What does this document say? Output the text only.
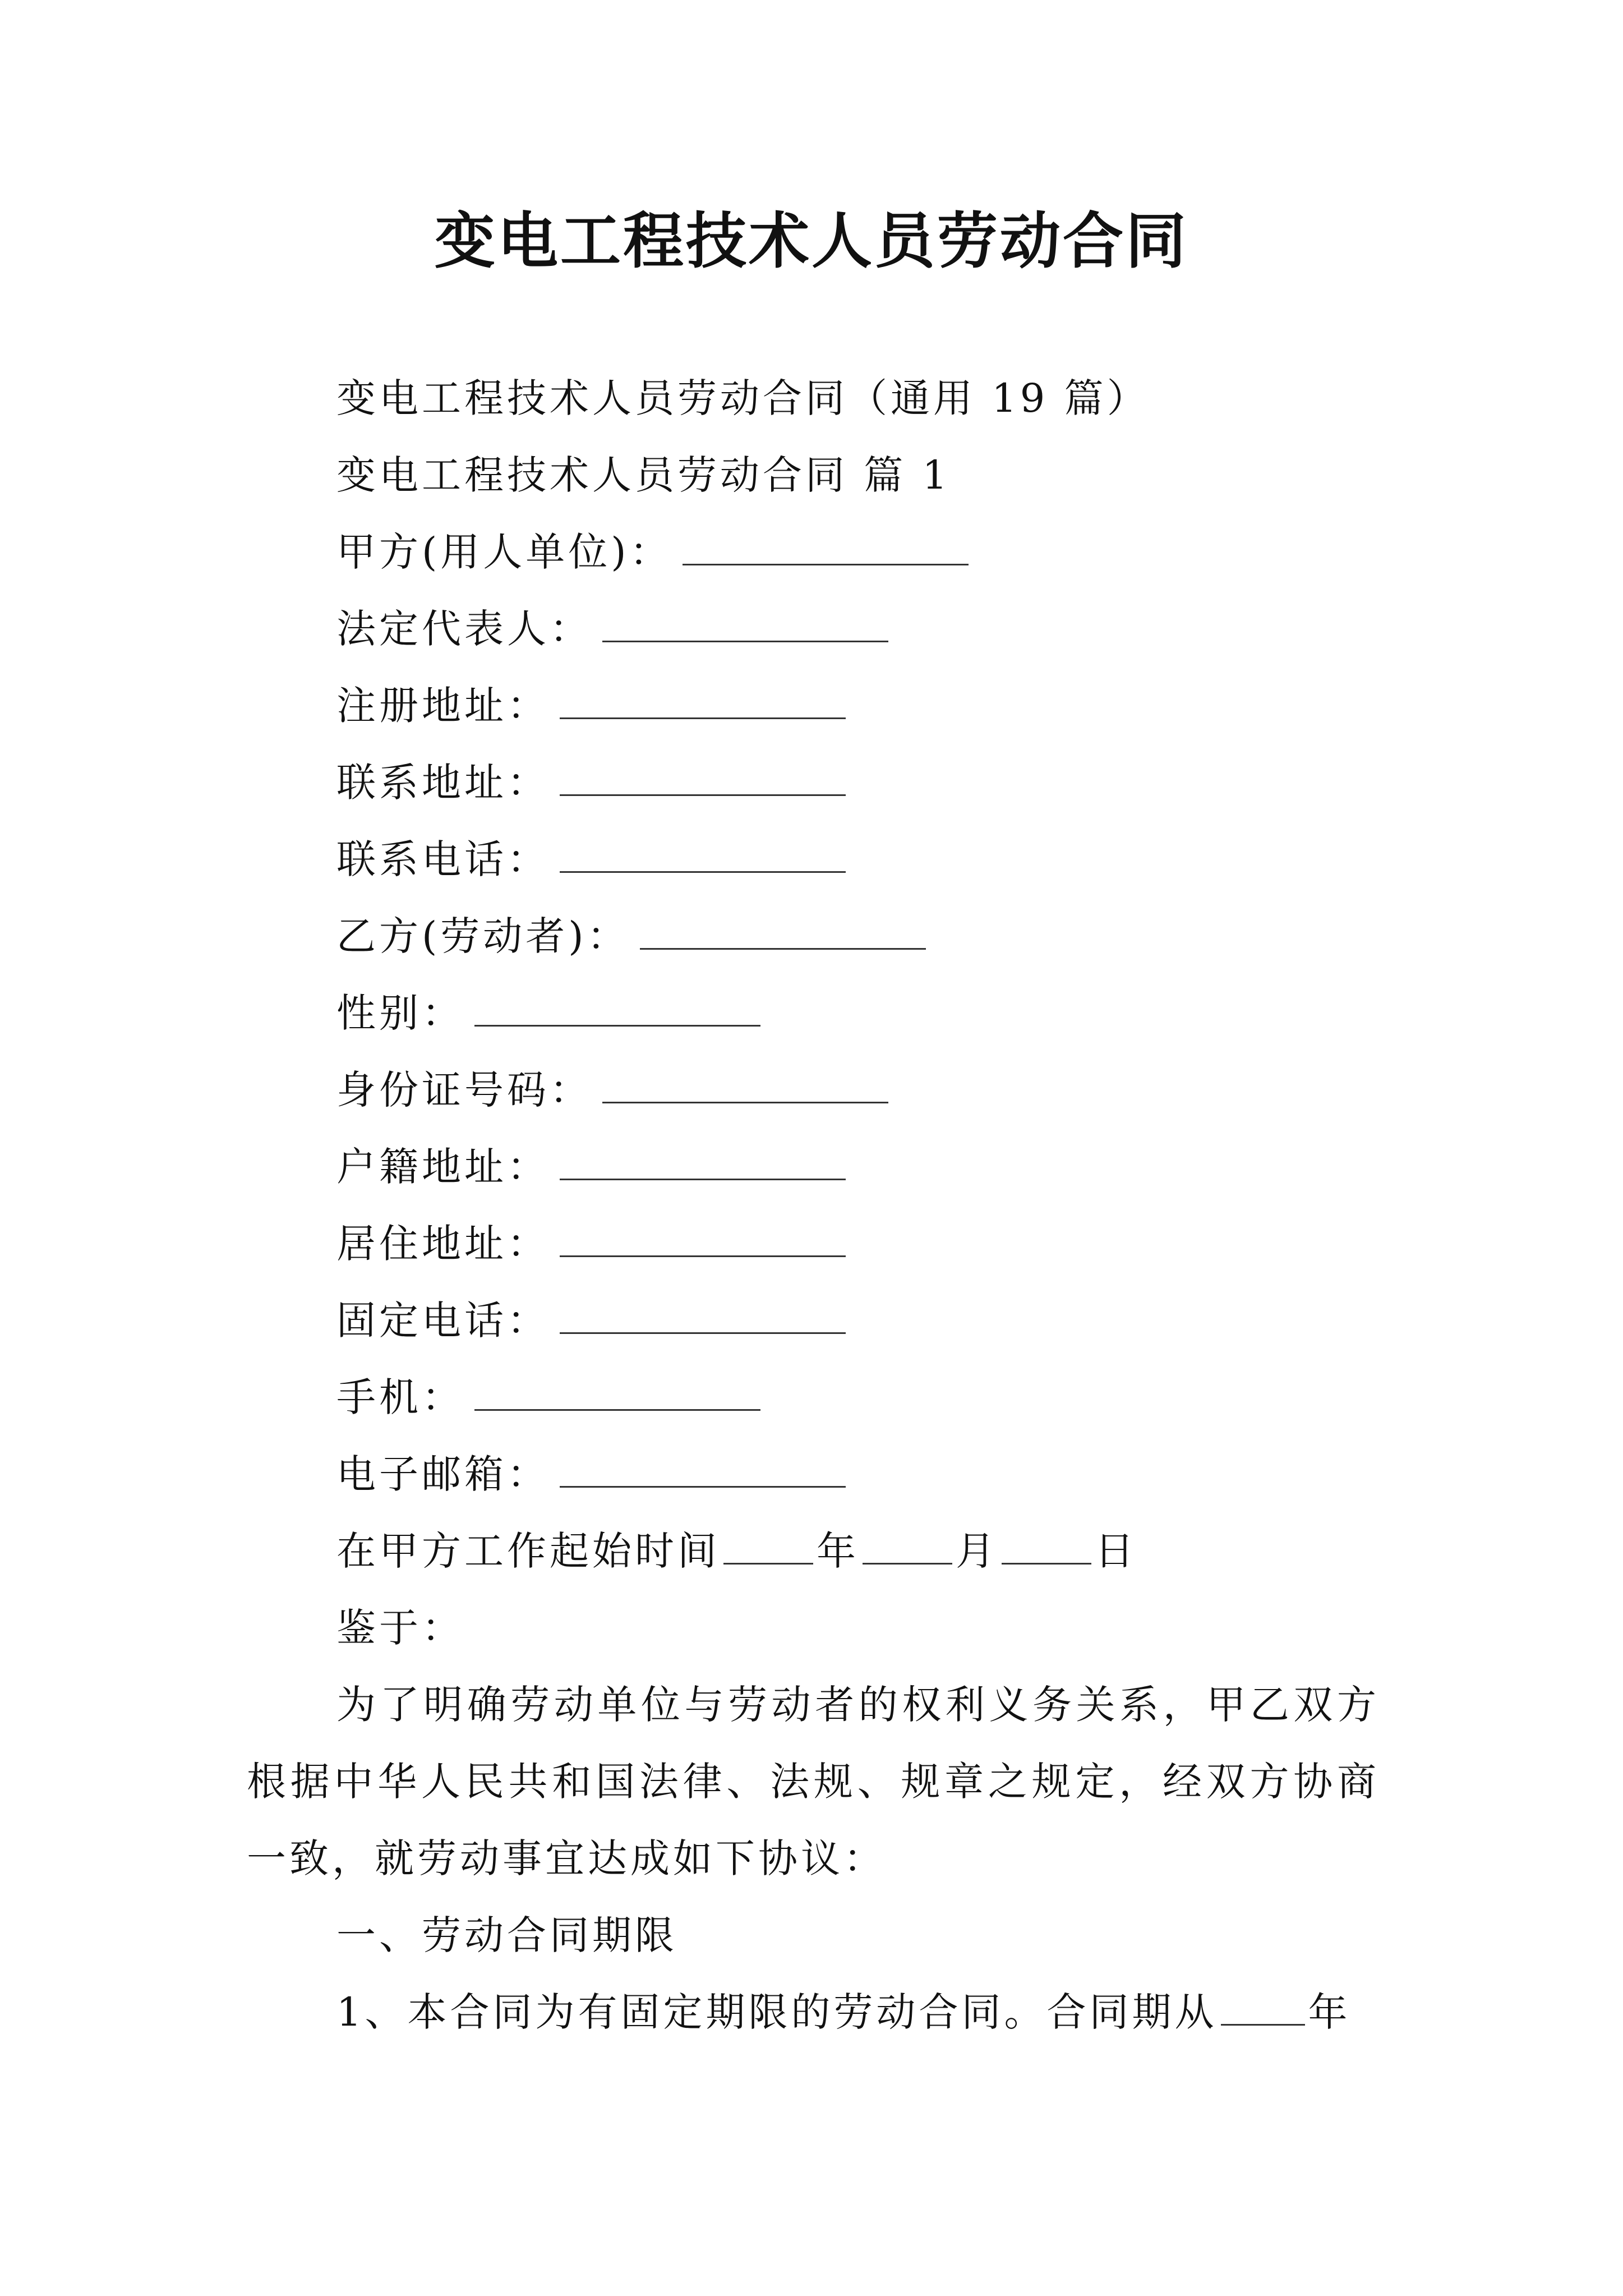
变电工程技术人员劳动合同
变电工程技术人员劳动合同（通用 19 篇）
变电工程技术人员劳动合同 篇 1
甲方(用人单位)：
法定代表人：
注册地址：
联系地址：
联系电话：
乙方(劳动者)：
性别：
身份证号码：
户籍地址：
居住地址：
固定电话：
手机：
电子邮箱：
在甲方工作起始时间 年 月 日
鉴于：
为了明确劳动单位与劳动者的权利义务关系，甲乙双方
根据中华人民共和国法律、法规、规章之规定，经双方协商
一致，就劳动事宜达成如下协议：
一、劳动合同期限
1、本合同为有固定期限的劳动合同。合同期从 年
